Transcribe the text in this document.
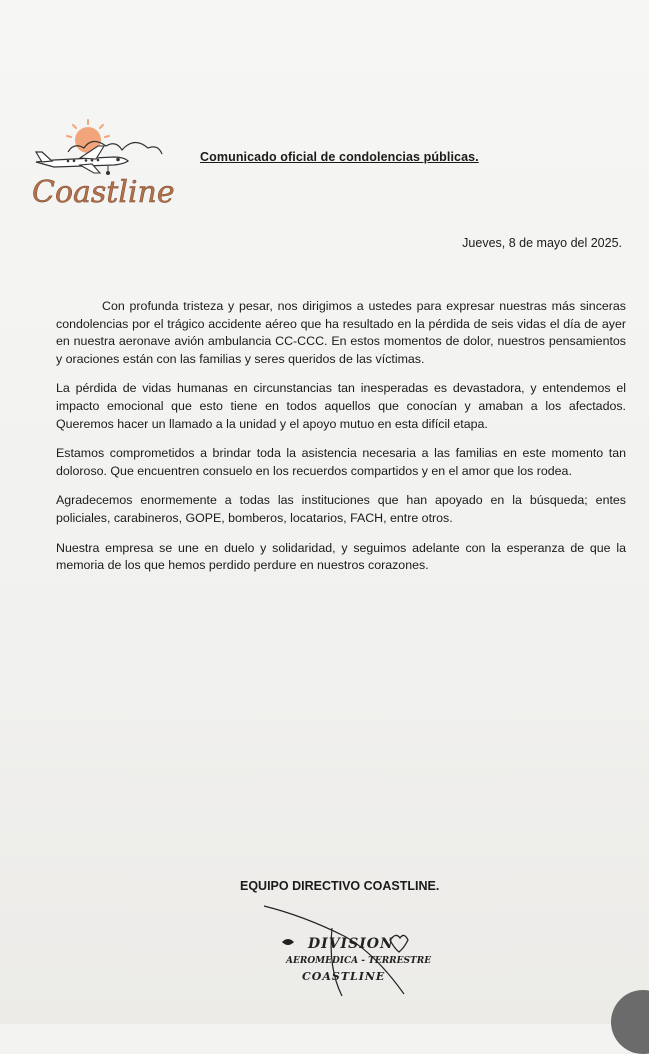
Coastline
Comunicado oficial de condolencias públicas.
Jueves, 8 de mayo del 2025.

Con profunda tristeza y pesar, nos dirigimos a ustedes para expresar nuestras más sinceras condolencias por el trágico accidente aéreo que ha resultado en la pérdida de seis vidas el día de ayer en nuestra aeronave avión ambulancia CC-CCC. En estos momentos de dolor, nuestros pensamientos y oraciones están con las familias y seres queridos de las víctimas.

La pérdida de vidas humanas en circunstancias tan inesperadas es devastadora, y entendemos el impacto emocional que esto tiene en todos aquellos que conocían y amaban a los afectados. Queremos hacer un llamado a la unidad y el apoyo mutuo en esta difícil etapa.

Estamos comprometidos a brindar toda la asistencia necesaria a las familias en este momento tan doloroso. Que encuentren consuelo en los recuerdos compartidos y en el amor que los rodea.

Agradecemos enormemente a todas las instituciones que han apoyado en la búsqueda; entes policiales, carabineros, GOPE, bomberos, locatarios, FACH, entre otros.

Nuestra empresa se une en duelo y solidaridad, y seguimos adelante con la esperanza de que la memoria de los que hemos perdido perdure en nuestros corazones.

EQUIPO DIRECTIVO COASTLINE.
DIVISION
AEROMEDICA - TERRESTRE
COASTLINE
